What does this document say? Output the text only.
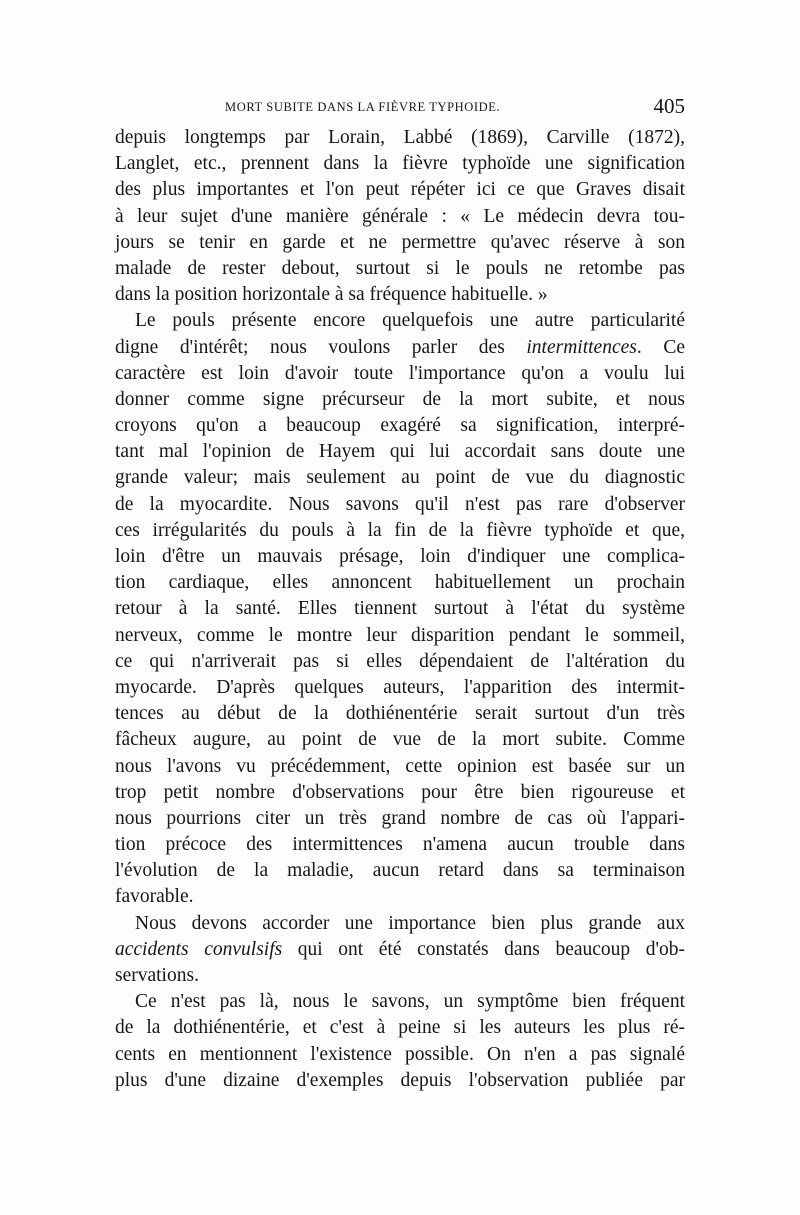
MORT SUBITE DANS LA FIÈVRE TYPHOIDE.	405
depuis longtemps par Lorain, Labbé (1869), Carville (1872),
Langlet, etc., prennent dans la fièvre typhoïde une signification
des plus importantes et l'on peut répéter ici ce que Graves disait
à leur sujet d'une manière générale : « Le médecin devra tou-
jours se tenir en garde et ne permettre qu'avec réserve à son
malade de rester debout, surtout si le pouls ne retombe pas
dans la position horizontale à sa fréquence habituelle. »
Le pouls présente encore quelquefois une autre particularité
digne d'intérêt; nous voulons parler des intermittences. Ce
caractère est loin d'avoir toute l'importance qu'on a voulu lui
donner comme signe précurseur de la mort subite, et nous
croyons qu'on a beaucoup exagéré sa signification, interpré-
tant mal l'opinion de Hayem qui lui accordait sans doute une
grande valeur; mais seulement au point de vue du diagnostic
de la myocardite. Nous savons qu'il n'est pas rare d'observer
ces irrégularités du pouls à la fin de la fièvre typhoïde et que,
loin d'être un mauvais présage, loin d'indiquer une complica-
tion cardiaque, elles annoncent habituellement un prochain
retour à la santé. Elles tiennent surtout à l'état du système
nerveux, comme le montre leur disparition pendant le sommeil,
ce qui n'arriverait pas si elles dépendaient de l'altération du
myocarde. D'après quelques auteurs, l'apparition des intermit-
tences au début de la dothiénentérie serait surtout d'un très
fâcheux augure, au point de vue de la mort subite. Comme
nous l'avons vu précédemment, cette opinion est basée sur un
trop petit nombre d'observations pour être bien rigoureuse et
nous pourrions citer un très grand nombre de cas où l'appari-
tion précoce des intermittences n'amena aucun trouble dans
l'évolution de la maladie, aucun retard dans sa terminaison
favorable.
Nous devons accorder une importance bien plus grande aux
accidents convulsifs qui ont été constatés dans beaucoup d'ob-
servations.
Ce n'est pas là, nous le savons, un symptôme bien fréquent
de la dothiénentérie, et c'est à peine si les auteurs les plus ré-
cents en mentionnent l'existence possible. On n'en a pas signalé
plus d'une dizaine d'exemples depuis l'observation publiée par
